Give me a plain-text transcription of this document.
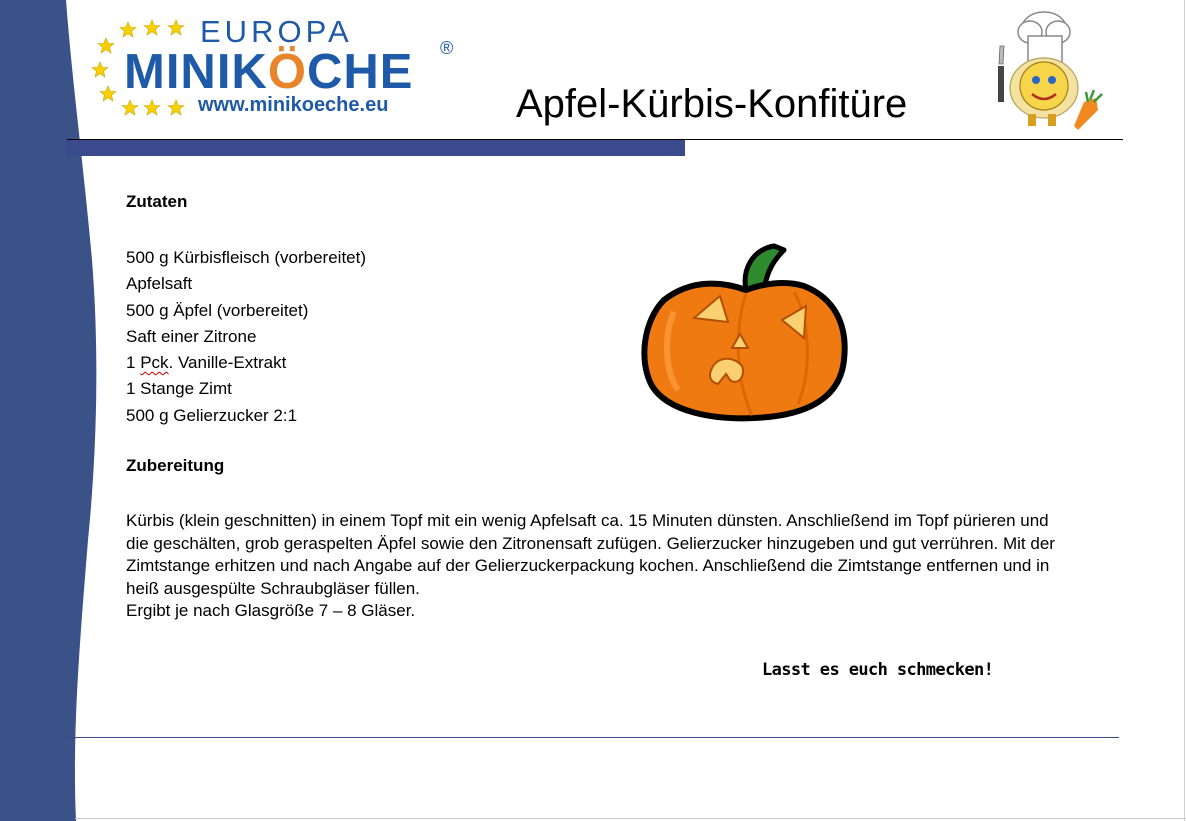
EUROPA
MINIKÖCHE ®
www.minikoeche.eu	Apfel-Kürbis-Konfitüre
Zutaten
500 g Kürbisfleisch (vorbereitet)
Apfelsaft
500 g Äpfel (vorbereitet)
Saft einer Zitrone
1 Pck. Vanille-Extrakt
1 Stange Zimt
500 g Gelierzucker 2:1
Zubereitung

Kürbis (klein geschnitten) in einem Topf mit ein wenig Apfelsaft ca. 15 Minuten dünsten. Anschließend im Topf pürieren und die geschälten, grob geraspelten Äpfel sowie den Zitronensaft zufügen. Gelierzucker hinzugeben und gut verrühren. Mit der Zimtstange erhitzen und nach Angabe auf der Gelierzuckerpackung kochen. Anschließend die Zimtstange entfernen und in heiß ausgespülte Schraubgläser füllen.

Ergibt je nach Glasgröße 7 – 8 Gläser.

Lasst es euch schmecken!
